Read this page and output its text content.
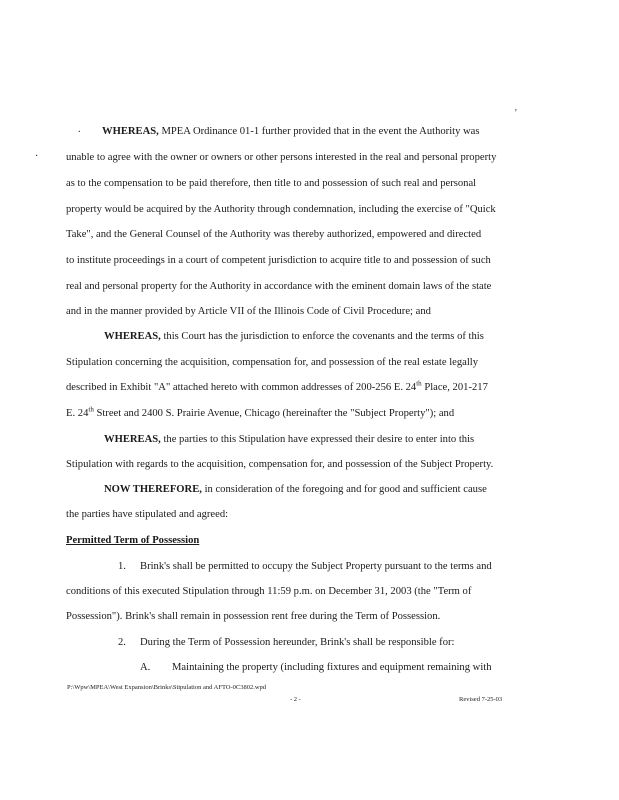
'
.
·
WHEREAS, MPEA Ordinance 01-1 further provided that in the event the Authority was
unable to agree with the owner or owners or other persons interested in the real and personal property
as to the compensation to be paid therefore, then title to and possession of such real and personal
property would be acquired by the Authority through condemnation, including the exercise of "Quick
Take", and the General Counsel of the Authority was thereby authorized, empowered and directed
to institute proceedings in a court of competent jurisdiction to acquire title to and possession of such
real and personal property for the Authority in accordance with the eminent domain laws of the state
and in the manner provided by Article VII of the Illinois Code of Civil Procedure; and
WHEREAS, this Court has the jurisdiction to enforce the covenants and the terms of this
Stipulation concerning the acquisition, compensation for, and possession of the real estate legally
described in Exhibit "A" attached hereto with common addresses of 200-256 E. 24th Place, 201-217
E. 24th Street and 2400 S. Prairie Avenue, Chicago (hereinafter the "Subject Property"); and
WHEREAS, the parties to this Stipulation have expressed their desire to enter into this
Stipulation with regards to the acquisition, compensation for, and possession of the Subject Property.
NOW THEREFORE, in consideration of the foregoing and for good and sufficient cause
the parties have stipulated and agreed:
Permitted Term of Possession
1. Brink's shall be permitted to occupy the Subject Property pursuant to the terms and
conditions of this executed Stipulation through 11:59 p.m. on December 31, 2003 (the "Term of
Possession"). Brink's shall remain in possession rent free during the Term of Possession.
2. During the Term of Possession hereunder, Brink's shall be responsible for:
A. Maintaining the property (including fixtures and equipment remaining with
P:\Wpw\MPEA\West Expansion\Brinks\Stipulation and AFTO-0C3802.wpd
- 2 -	Revised 7-25-03
